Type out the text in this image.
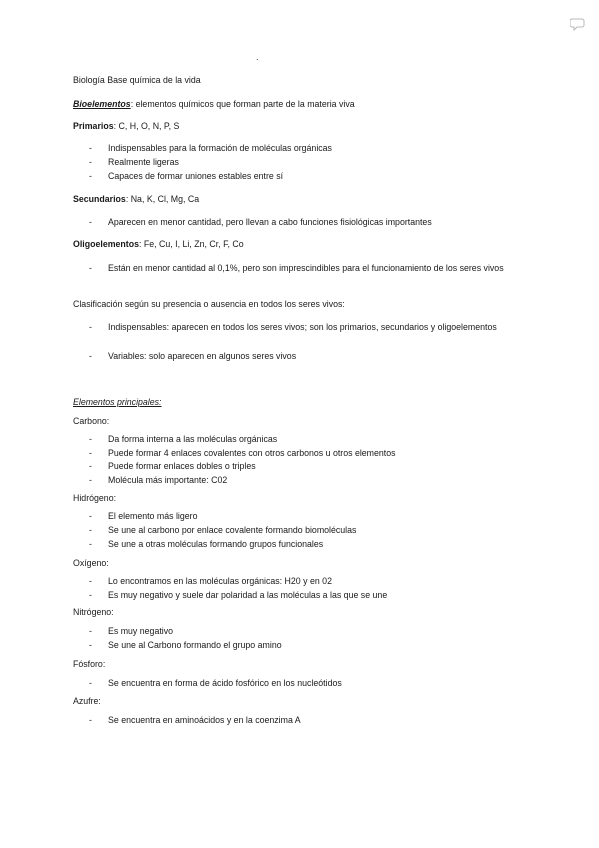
.
Biología Base química de la vida
Bioelementos: elementos químicos que forman parte de la materia viva
Primarios: C, H, O, N, P, S
-	Indispensables para la formación de moléculas orgánicas
-	Realmente ligeras
-	Capaces de formar uniones estables entre sí
Secundarios: Na, K, Cl, Mg, Ca
-	Aparecen en menor cantidad, pero llevan a cabo funciones fisiológicas importantes
Oligoelementos: Fe, Cu, I, Li, Zn, Cr, F, Co
-	Están en menor cantidad al 0,1%, pero son imprescindibles para el funcionamiento de los seres vivos
Clasificación según su presencia o ausencia en todos los seres vivos:
-	Indispensables: aparecen en todos los seres vivos; son los primarios, secundarios y oligoelementos
-	Variables: solo aparecen en algunos seres vivos
Elementos principales:
Carbono:
-	Da forma interna a las moléculas orgánicas
-	Puede formar 4 enlaces covalentes con otros carbonos u otros elementos
-	Puede formar enlaces dobles o triples
-	Molécula más importante: C02
Hidrógeno:
-	El elemento más ligero
-	Se une al carbono por enlace covalente formando biomoléculas
-	Se une a otras moléculas formando grupos funcionales
Oxígeno:
-	Lo encontramos en las moléculas orgánicas: H20 y en 02
-	Es muy negativo y suele dar polaridad a las moléculas a las que se une
Nitrógeno:
-	Es muy negativo
-	Se une al Carbono formando el grupo amino
Fósforo:
-	Se encuentra en forma de ácido fosfórico en los nucleótidos
Azufre:
-	Se encuentra en aminoácidos y en la coenzima A
